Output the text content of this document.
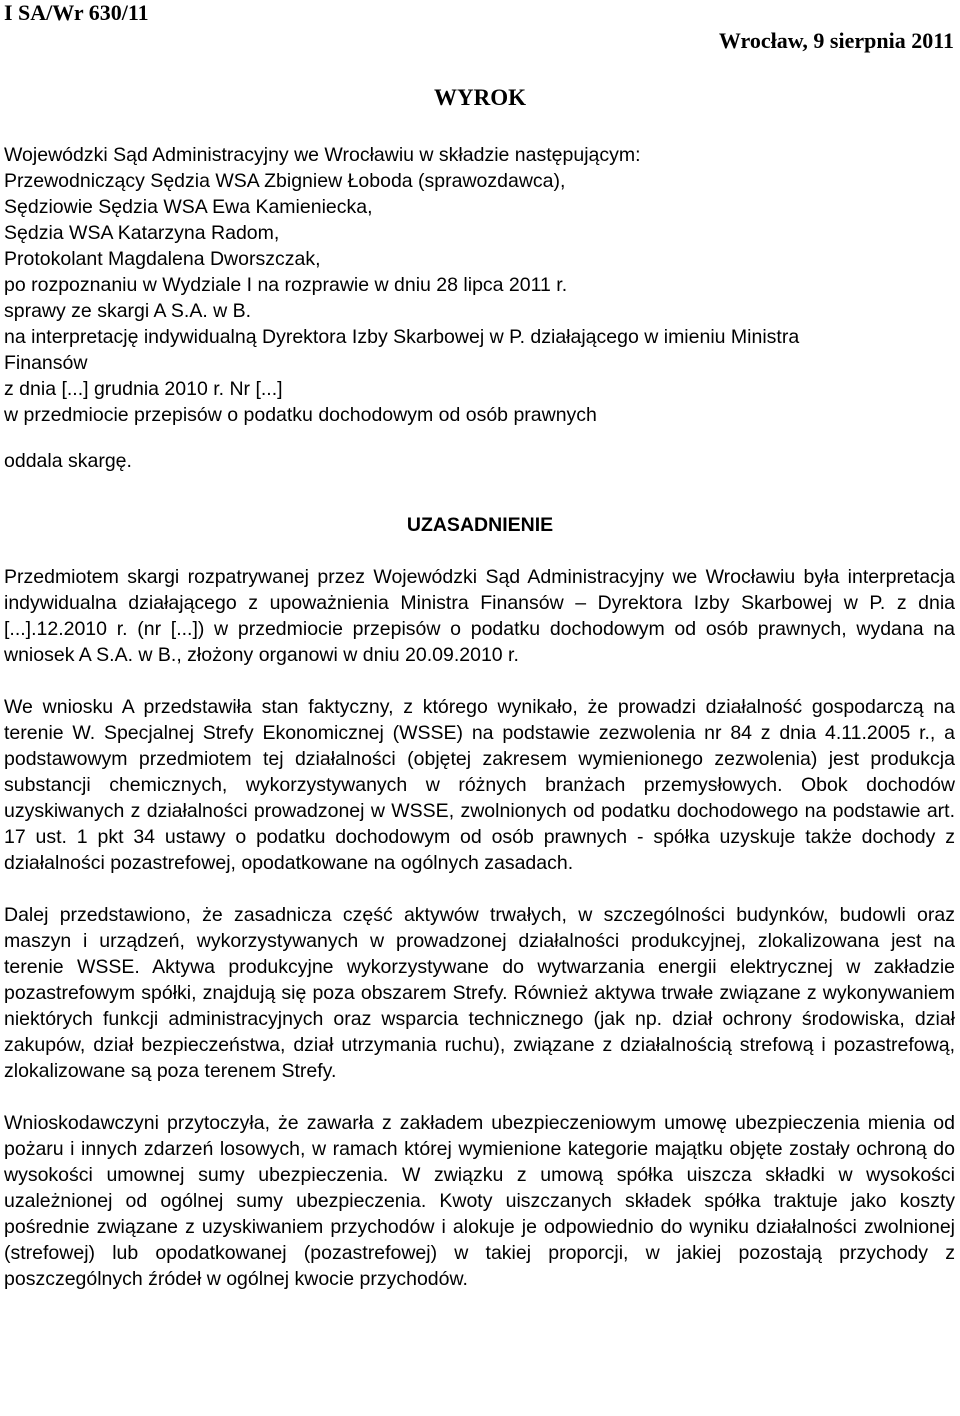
I SA/Wr 630/11
Wrocław, 9 sierpnia 2011
WYROK
Wojewódzki Sąd Administracyjny we Wrocławiu w składzie następującym:
Przewodniczący Sędzia WSA Zbigniew Łoboda (sprawozdawca),
Sędziowie Sędzia WSA Ewa Kamieniecka,
Sędzia WSA Katarzyna Radom,
Protokolant Magdalena Dworszczak,
po rozpoznaniu w Wydziale I na rozprawie w dniu 28 lipca 2011 r.
sprawy ze skargi A S.A. w B.
na interpretację indywidualną Dyrektora Izby Skarbowej w P. działającego w imieniu Ministra
Finansów
z dnia [...] grudnia 2010 r. Nr [...]
w przedmiocie przepisów o podatku dochodowym od osób prawnych
oddala skargę.
UZASADNIENIE

Przedmiotem skargi rozpatrywanej przez Wojewódzki Sąd Administracyjny we Wrocławiu była interpretacja indywidualna działającego z upoważnienia Ministra Finansów – Dyrektora Izby Skarbowej w P. z dnia [...].12.2010 r. (nr [...]) w przedmiocie przepisów o podatku dochodowym od osób prawnych, wydana na wniosek A S.A. w B., złożony organowi w dniu 20.09.2010 r.

We wniosku A przedstawiła stan faktyczny, z którego wynikało, że prowadzi działalność gospodarczą na terenie W. Specjalnej Strefy Ekonomicznej (WSSE) na podstawie zezwolenia nr 84 z dnia 4.11.2005 r., a podstawowym przedmiotem tej działalności (objętej zakresem wymienionego zezwolenia) jest produkcja substancji chemicznych, wykorzystywanych w różnych branżach przemysłowych. Obok dochodów uzyskiwanych z działalności prowadzonej w WSSE, zwolnionych od podatku dochodowego na podstawie art. 17 ust. 1 pkt 34 ustawy o podatku dochodowym od osób prawnych - spółka uzyskuje także dochody z działalności pozastrefowej, opodatkowane na ogólnych zasadach.

Dalej przedstawiono, że zasadnicza część aktywów trwałych, w szczególności budynków, budowli oraz maszyn i urządzeń, wykorzystywanych w prowadzonej działalności produkcyjnej, zlokalizowana jest na terenie WSSE. Aktywa produkcyjne wykorzystywane do wytwarzania energii elektrycznej w zakładzie pozastrefowym spółki, znajdują się poza obszarem Strefy. Również aktywa trwałe związane z wykonywaniem niektórych funkcji administracyjnych oraz wsparcia technicznego (jak np. dział ochrony środowiska, dział zakupów, dział bezpieczeństwa, dział utrzymania ruchu), związane z działalnością strefową i pozastrefową, zlokalizowane są poza terenem Strefy.

Wnioskodawczyni przytoczyła, że zawarła z zakładem ubezpieczeniowym umowę ubezpieczenia mienia od pożaru i innych zdarzeń losowych, w ramach której wymienione kategorie majątku objęte zostały ochroną do wysokości umownej sumy ubezpieczenia. W związku z umową spółka uiszcza składki w wysokości uzależnionej od ogólnej sumy ubezpieczenia. Kwoty uiszczanych składek spółka traktuje jako koszty pośrednie związane z uzyskiwaniem przychodów i alokuje je odpowiednio do wyniku działalności zwolnionej (strefowej) lub opodatkowanej (pozastrefowej) w takiej proporcji, w jakiej pozostają przychody z poszczególnych źródeł w ogólnej kwocie przychodów.
